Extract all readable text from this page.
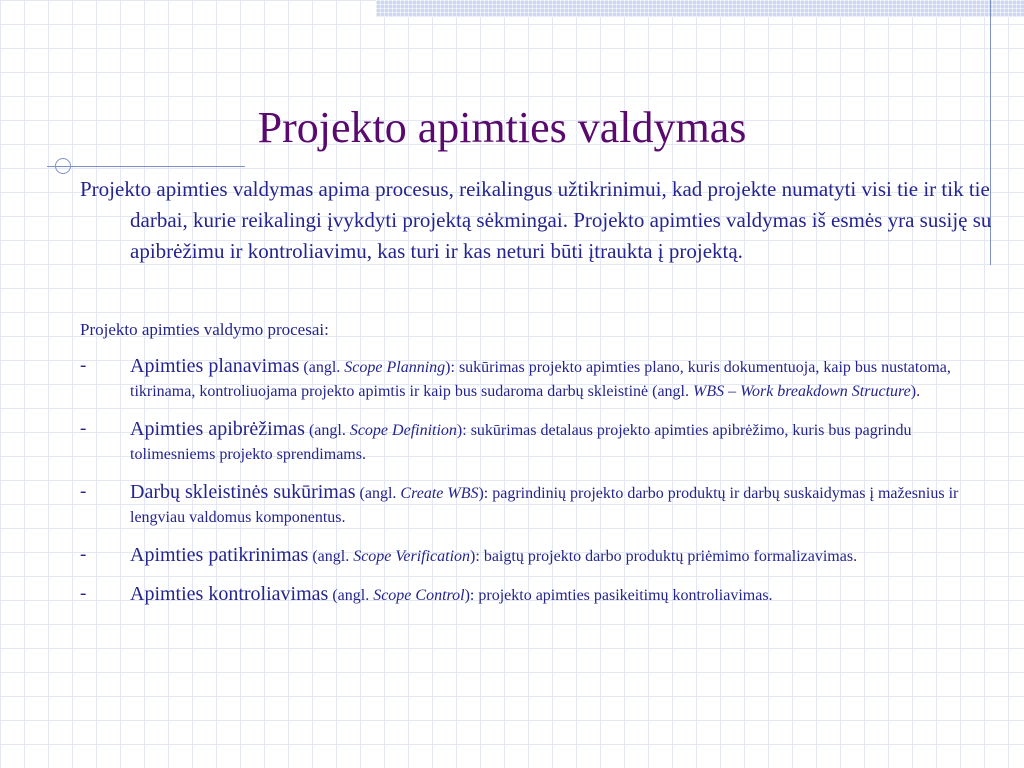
Projekto apimties valdymas

Projekto apimties valdymas apima procesus, reikalingus užtikrinimui, kad projekte numatyti visi tie ir tik tie darbai, kurie reikalingi įvykdyti projektą sėkmingai. Projekto apimties valdymas iš esmės yra susiję su apibrėžimu ir kontroliavimu, kas turi ir kas neturi būti įtraukta į projektą.

Projekto apimties valdymo procesai:

- Apimties planavimas (angl. Scope Planning): sukūrimas projekto apimties plano, kuris dokumentuoja, kaip bus nustatoma, tikrinama, kontroliuojama projekto apimtis ir kaip bus sudaroma darbų skleistinė (angl. WBS – Work breakdown Structure).
- Apimties apibrėžimas (angl. Scope Definition): sukūrimas detalaus projekto apimties apibrėžimo, kuris bus pagrindu tolimesniems projekto sprendimams.
- Darbų skleistinės sukūrimas (angl. Create WBS): pagrindinių projekto darbo produktų ir darbų suskaidymas į mažesnius ir lengviau valdomus komponentus.
- Apimties patikrinimas (angl. Scope Verification): baigtų projekto darbo produktų priėmimo formalizavimas.
- Apimties kontroliavimas (angl. Scope Control): projekto apimties pasikeitimų kontroliavimas.
